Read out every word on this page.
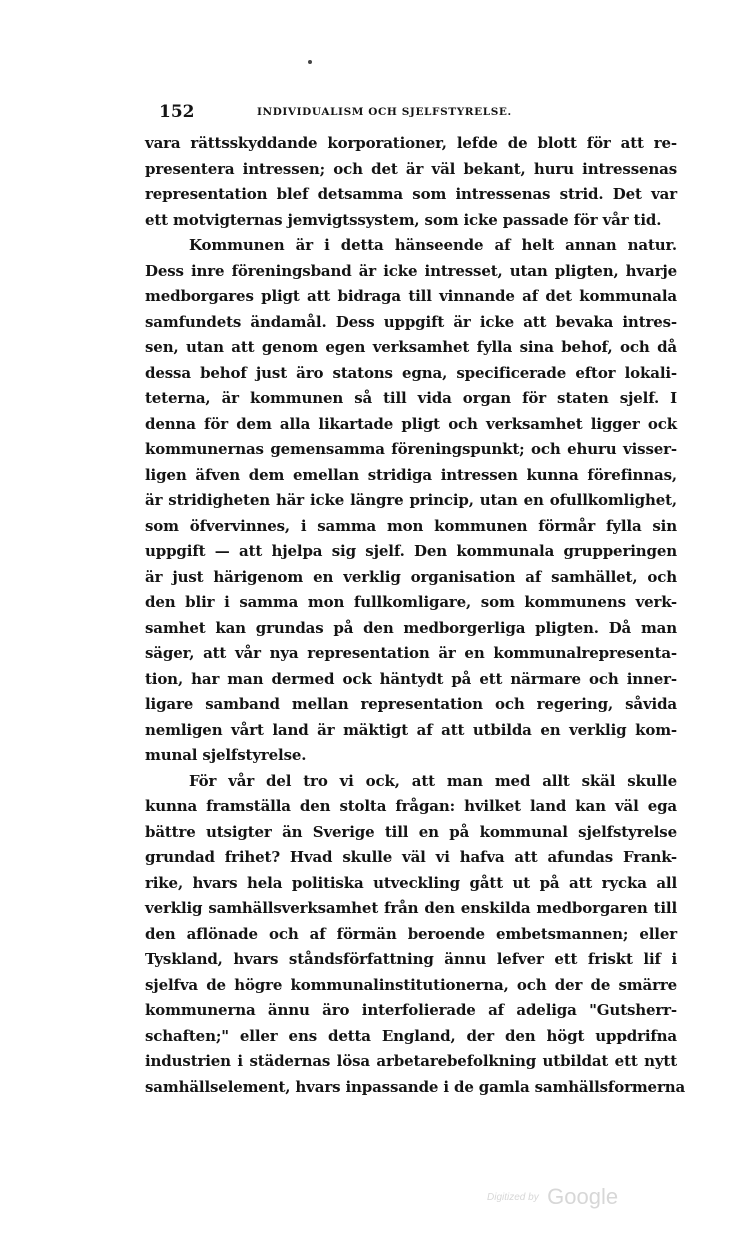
152	INDIVIDUALISM OCH SJELFSTYRELSE.
vara rättsskyddande korporationer, lefde de blott för att re-
presentera intressen; och det är väl bekant, huru intressenas
representation blef detsamma som intressenas strid. Det var
ett motvigternas jemvigtssystem, som icke passade för vår tid.
Kommunen är i detta hänseende af helt annan natur.
Dess inre föreningsband är icke intresset, utan pligten, hvarje
medborgares pligt att bidraga till vinnande af det kommunala
samfundets ändamål. Dess uppgift är icke att bevaka intres-
sen, utan att genom egen verksamhet fylla sina behof, och då
dessa behof just äro statons egna, specificerade eftor lokali-
teterna, är kommunen så till vida organ för staten sjelf. I
denna för dem alla likartade pligt och verksamhet ligger ock
kommunernas gemensamma föreningspunkt; och ehuru visser-
ligen äfven dem emellan stridiga intressen kunna förefinnas,
är stridigheten här icke längre princip, utan en ofullkomlighet,
som öfvervinnes, i samma mon kommunen förmår fylla sin
uppgift — att hjelpa sig sjelf. Den kommunala grupperingen
är just härigenom en verklig organisation af samhället, och
den blir i samma mon fullkomligare, som kommunens verk-
samhet kan grundas på den medborgerliga pligten. Då man
säger, att vår nya representation är en kommunalrepresenta-
tion, har man dermed ock häntydt på ett närmare och inner-
ligare samband mellan representation och regering, såvida
nemligen vårt land är mäktigt af att utbilda en verklig kom-
munal sjelfstyrelse.
För vår del tro vi ock, att man med allt skäl skulle
kunna framställa den stolta frågan: hvilket land kan väl ega
bättre utsigter än Sverige till en på kommunal sjelfstyrelse
grundad frihet? Hvad skulle väl vi hafva att afundas Frank-
rike, hvars hela politiska utveckling gått ut på att rycka all
verklig samhällsverksamhet från den enskilda medborgaren till
den aflönade och af förmän beroende embetsmannen; eller
Tyskland, hvars ståndsförfattning ännu lefver ett friskt lif i
sjelfva de högre kommunalinstitutionerna, och der de smärre
kommunerna ännu äro interfolierade af adeliga "Gutsherr-
schaften;" eller ens detta England, der den högt uppdrifna
industrien i städernas lösa arbetarebefolkning utbildat ett nytt
samhällselement, hvars inpassande i de gamla samhällsformerna
Digitized by Google
